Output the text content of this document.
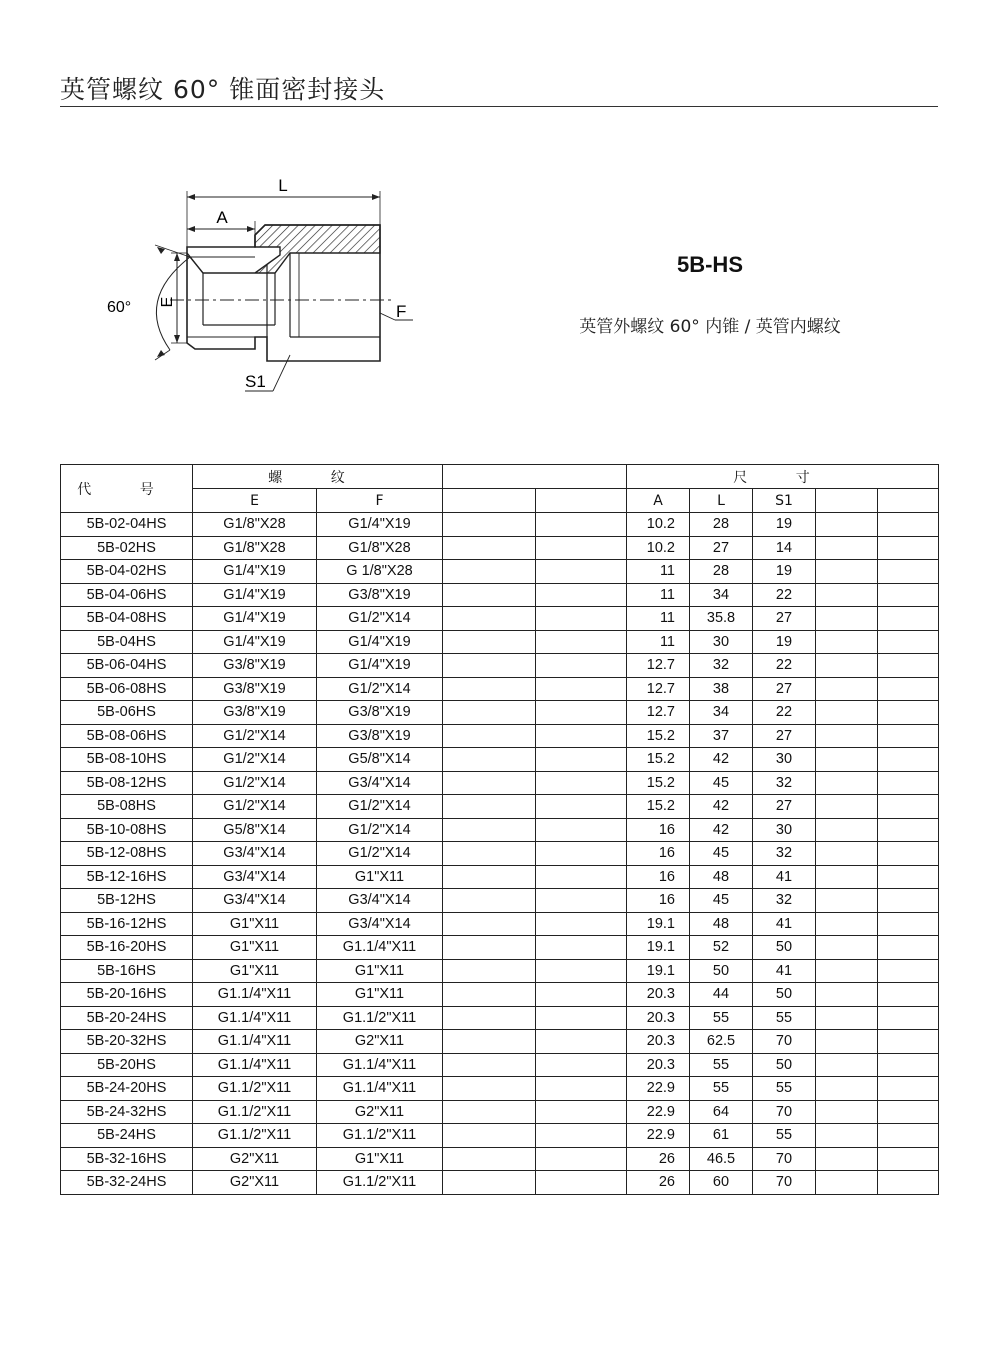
英管螺纹 60° 锥面密封接头
L
A
E
60°	F
S1
5B-HS
英管外螺纹 60° 内锥 / 英管内螺纹
代 号	螺 纹				尺 寸				
	E	F			A	L	S1		
5B-02-04HS	G1/8"X28	G1/4"X19			10.2	28	19		
5B-02HS	G1/8"X28	G1/8"X28			10.2	27	14		
5B-04-02HS	G1/4"X19	G 1/8"X28			11	28	19		
5B-04-06HS	G1/4"X19	G3/8"X19			11	34	22		
5B-04-08HS	G1/4"X19	G1/2"X14			11	35.8	27		
5B-04HS	G1/4"X19	G1/4"X19			11	30	19		
5B-06-04HS	G3/8"X19	G1/4"X19			12.7	32	22		
5B-06-08HS	G3/8"X19	G1/2"X14			12.7	38	27		
5B-06HS	G3/8"X19	G3/8"X19			12.7	34	22		
5B-08-06HS	G1/2"X14	G3/8"X19			15.2	37	27		
5B-08-10HS	G1/2"X14	G5/8"X14			15.2	42	30		
5B-08-12HS	G1/2"X14	G3/4"X14			15.2	45	32		
5B-08HS	G1/2"X14	G1/2"X14			15.2	42	27		
5B-10-08HS	G5/8"X14	G1/2"X14			16	42	30		
5B-12-08HS	G3/4"X14	G1/2"X14			16	45	32		
5B-12-16HS	G3/4"X14	G1"X11			16	48	41		
5B-12HS	G3/4"X14	G3/4"X14			16	45	32		
5B-16-12HS	G1"X11	G3/4"X14			19.1	48	41		
5B-16-20HS	G1"X11	G1.1/4"X11			19.1	52	50		
5B-16HS	G1"X11	G1"X11			19.1	50	41		
5B-20-16HS	G1.1/4"X11	G1"X11			20.3	44	50		
5B-20-24HS	G1.1/4"X11	G1.1/2"X11			20.3	55	55		
5B-20-32HS	G1.1/4"X11	G2"X11			20.3	62.5	70		
5B-20HS	G1.1/4"X11	G1.1/4"X11			20.3	55	50		
5B-24-20HS	G1.1/2"X11	G1.1/4"X11			22.9	55	55		
5B-24-32HS	G1.1/2"X11	G2"X11			22.9	64	70		
5B-24HS	G1.1/2"X11	G1.1/2"X11			22.9	61	55		
5B-32-16HS	G2"X11	G1"X11			26	46.5	70		
5B-32-24HS	G2"X11	G1.1/2"X11			26	60	70		
